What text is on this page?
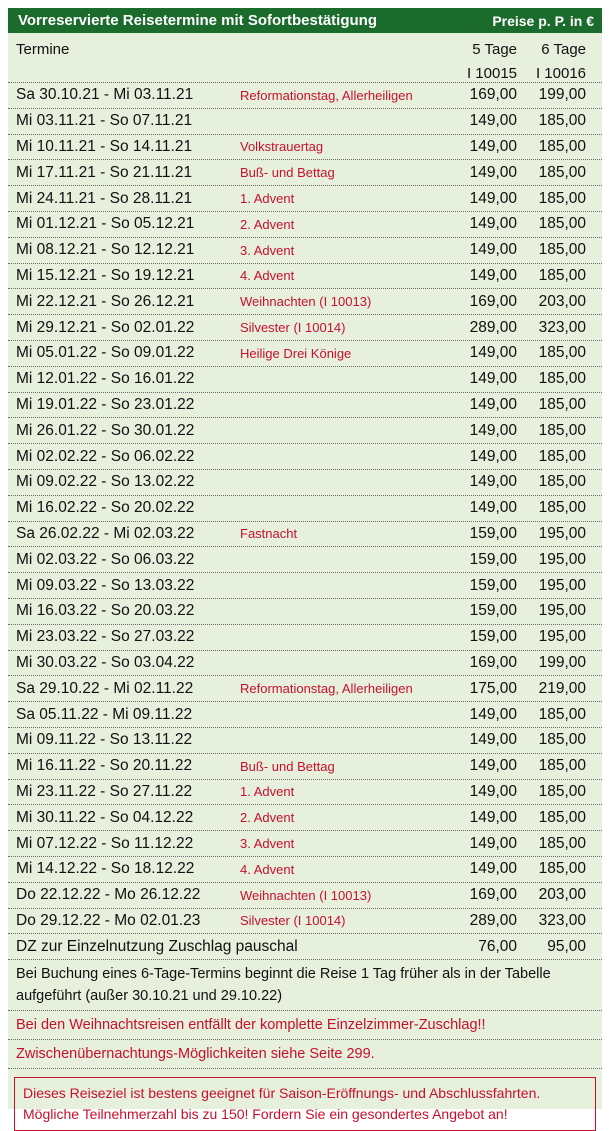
Vorreservierte Reisetermine mit Sofortbestätigung	Preise p. P. in €
Termine	5 Tage	6 Tage
I 10015	I 10016
Sa 30.10.21 - Mi 03.11.21	Reformationstag, Allerheiligen	169,00	199,00
Mi 03.11.21 - So 07.11.21	149,00	185,00
Mi 10.11.21 - So 14.11.21	Volkstrauertag	149,00	185,00
Mi 17.11.21 - So 21.11.21	Buß- und Bettag	149,00	185,00
Mi 24.11.21 - So 28.11.21	1. Advent	149,00	185,00
Mi 01.12.21 - So 05.12.21	2. Advent	149,00	185,00
Mi 08.12.21 - So 12.12.21	3. Advent	149,00	185,00
Mi 15.12.21 - So 19.12.21	4. Advent	149,00	185,00
Mi 22.12.21 - So 26.12.21	Weihnachten (I 10013)	169,00	203,00
Mi 29.12.21 - So 02.01.22	Silvester (I 10014)	289,00	323,00
Mi 05.01.22 - So 09.01.22	Heilige Drei Könige	149,00	185,00
Mi 12.01.22 - So 16.01.22	149,00	185,00
Mi 19.01.22 - So 23.01.22	149,00	185,00
Mi 26.01.22 - So 30.01.22	149,00	185,00
Mi 02.02.22 - So 06.02.22	149,00	185,00
Mi 09.02.22 - So 13.02.22	149,00	185,00
Mi 16.02.22 - So 20.02.22	149,00	185,00
Sa 26.02.22 - Mi 02.03.22	Fastnacht	159,00	195,00
Mi 02.03.22 - So 06.03.22	159,00	195,00
Mi 09.03.22 - So 13.03.22	159,00	195,00
Mi 16.03.22 - So 20.03.22	159,00	195,00
Mi 23.03.22 - So 27.03.22	159,00	195,00
Mi 30.03.22 - So 03.04.22	169,00	199,00
Sa 29.10.22 - Mi 02.11.22	Reformationstag, Allerheiligen	175,00	219,00
Sa 05.11.22 - Mi 09.11.22	149,00	185,00
Mi 09.11.22 - So 13.11.22	149,00	185,00
Mi 16.11.22 - So 20.11.22	Buß- und Bettag	149,00	185,00
Mi 23.11.22 - So 27.11.22	1. Advent	149,00	185,00
Mi 30.11.22 - So 04.12.22	2. Advent	149,00	185,00
Mi 07.12.22 - So 11.12.22	3. Advent	149,00	185,00
Mi 14.12.22 - So 18.12.22	4. Advent	149,00	185,00
Do 22.12.22 - Mo 26.12.22	Weihnachten (I 10013)	169,00	203,00
Do 29.12.22 - Mo 02.01.23	Silvester (I 10014)	289,00	323,00
DZ zur Einzelnutzung Zuschlag pauschal	76,00	95,00
Bei Buchung eines 6-Tage-Termins beginnt die Reise 1 Tag früher als in der Tabelle aufgeführt (außer 30.10.21 und 29.10.22)
Bei den Weihnachtsreisen entfällt der komplette Einzelzimmer-Zuschlag!!
Zwischenübernachtungs-Möglichkeiten siehe Seite 299.
Dieses Reiseziel ist bestens geeignet für Saison-Eröffnungs- und Abschlussfahrten.
Mögliche Teilnehmerzahl bis zu 150! Fordern Sie ein gesondertes Angebot an!
